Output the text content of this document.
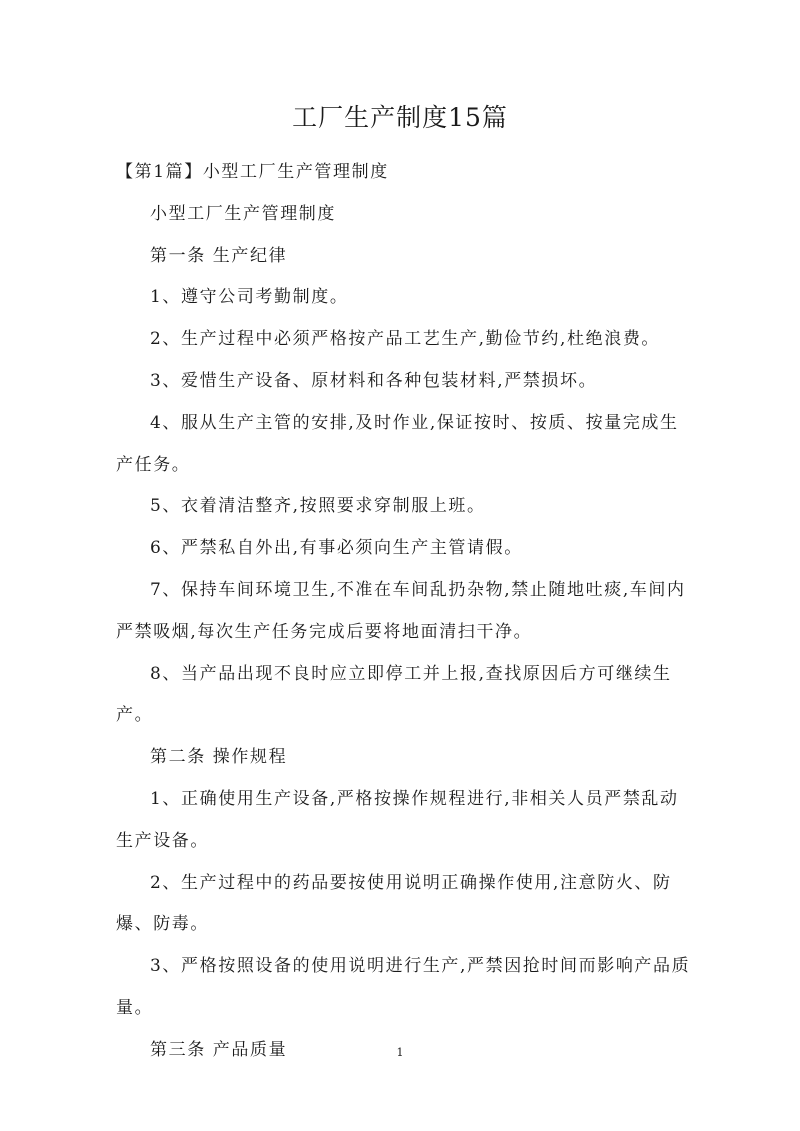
工厂生产制度15篇

【第1篇】小型工厂生产管理制度

小型工厂生产管理制度

第一条 生产纪律

1、遵守公司考勤制度。

2、生产过程中必须严格按产品工艺生产,勤俭节约,杜绝浪费。

3、爱惜生产设备、原材料和各种包装材料,严禁损坏。

4、服从生产主管的安排,及时作业,保证按时、按质、按量完成生产任务。

5、衣着清洁整齐,按照要求穿制服上班。

6、严禁私自外出,有事必须向生产主管请假。

7、保持车间环境卫生,不准在车间乱扔杂物,禁止随地吐痰,车间内严禁吸烟,每次生产任务完成后要将地面清扫干净。

8、当产品出现不良时应立即停工并上报,查找原因后方可继续生产。

第二条 操作规程

1、正确使用生产设备,严格按操作规程进行,非相关人员严禁乱动生产设备。

2、生产过程中的药品要按使用说明正确操作使用,注意防火、防爆、防毒。

3、严格按照设备的使用说明进行生产,严禁因抢时间而影响产品质量。

第三条 产品质量	1
